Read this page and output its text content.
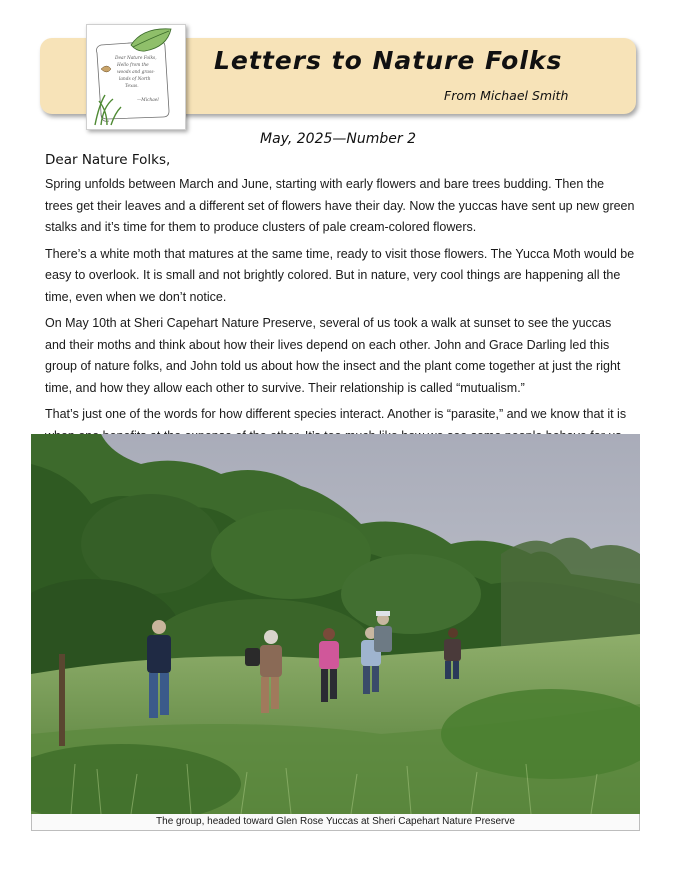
Dear Nature Folks,
Hello from the
woods and grass-
lands of North
Texas.
—Michael
Letters to Nature Folks
From Michael Smith
May, 2025—Number 2
Dear Nature Folks,

Spring unfolds between March and June, starting with early flowers and bare trees budding. Then the trees get their leaves and a different set of flowers have their day. Now the yuccas have sent up new green stalks and it’s time for them to produce clusters of pale cream-colored flowers.

There’s a white moth that matures at the same time, ready to visit those flowers. The Yucca Moth would be easy to overlook. It is small and not brightly colored. But in nature, very cool things are happening all the time, even when we don’t notice.

On May 10th at Sheri Capehart Nature Preserve, several of us took a walk at sunset to see the yuccas and their moths and think about how their lives depend on each other. John and Grace Darling led this group of nature folks, and John told us about how the insect and the plant come together at just the right time, and how they allow each other to survive. Their relationship is called “mutualism.”

That’s just one of the words for how different species interact. Another is “parasite,” and we know that it is

The group, headed toward Glen Rose Yuccas at Sheri Capehart Nature Preserve
